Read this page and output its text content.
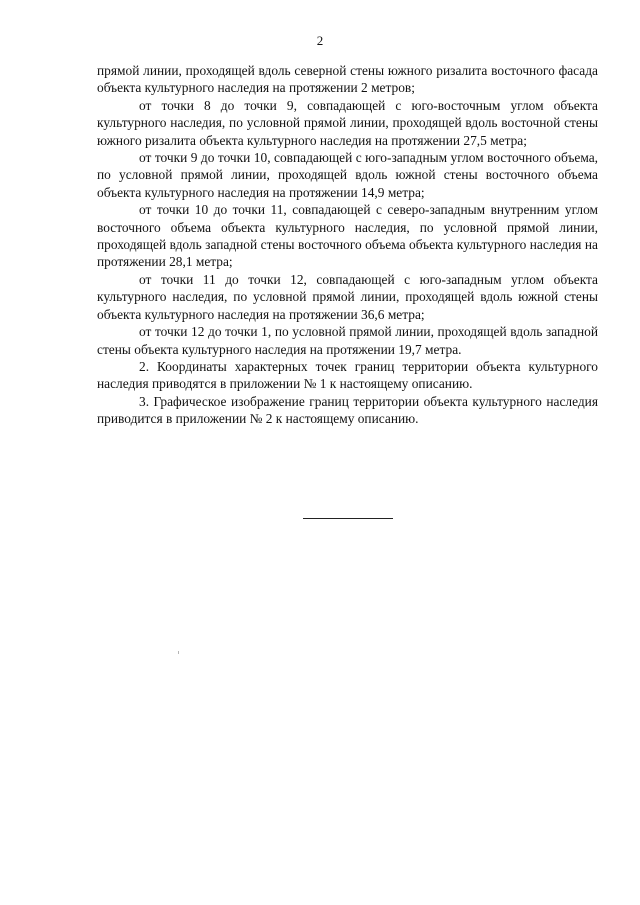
2

прямой линии, проходящей вдоль северной стены южного ризалита восточного фасада объекта культурного наследия на протяжении 2 метров;

от точки 8 до точки 9, совпадающей с юго-восточным углом объекта культурного наследия, по условной прямой линии, проходящей вдоль восточной стены южного ризалита объекта культурного наследия на протяжении 27,5 метра;

от точки 9 до точки 10, совпадающей с юго-западным углом восточного объема, по условной прямой линии, проходящей вдоль южной стены восточного объема объекта культурного наследия на протяжении 14,9 метра;

от точки 10 до точки 11, совпадающей с северо-западным внутренним углом восточного объема объекта культурного наследия, по условной прямой линии, проходящей вдоль западной стены восточного объема объекта культурного наследия на протяжении 28,1 метра;

от точки 11 до точки 12, совпадающей с юго-западным углом объекта культурного наследия, по условной прямой линии, проходящей вдоль южной стены объекта культурного наследия на протяжении 36,6 метра;

от точки 12 до точки 1, по условной прямой линии, проходящей вдоль западной стены объекта культурного наследия на протяжении 19,7 метра.

2. Координаты характерных точек границ территории объекта культурного наследия приводятся в приложении № 1 к настоящему описанию.

3. Графическое изображение границ территории объекта культурного наследия приводится в приложении № 2 к настоящему описанию.
